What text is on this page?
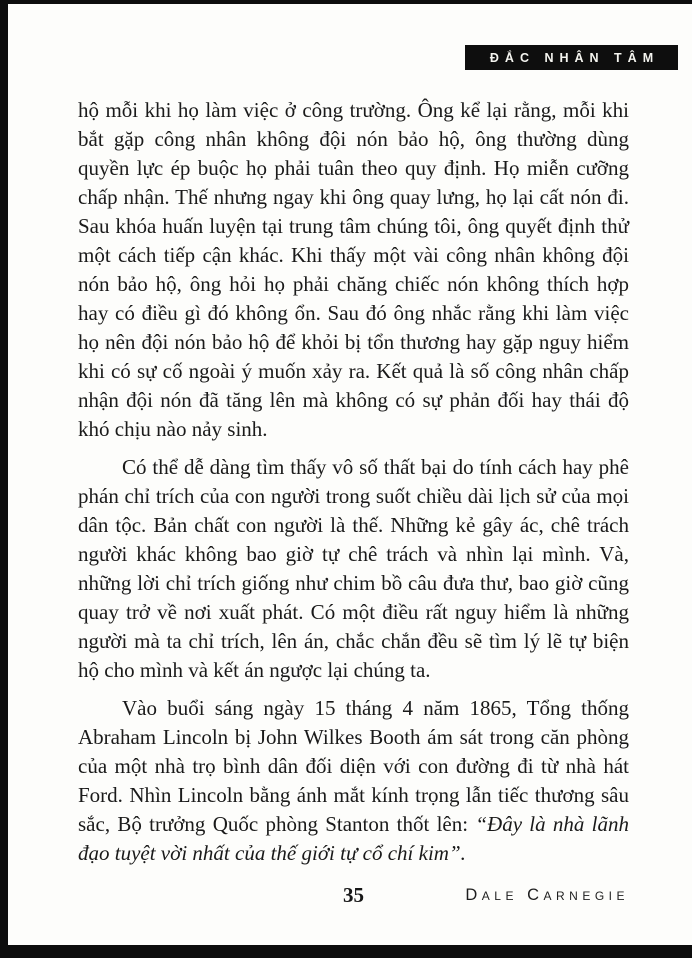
ĐẮC NHÂN TÂM

hộ mỗi khi họ làm việc ở công trường. Ông kể lại rằng, mỗi khi bắt gặp công nhân không đội nón bảo hộ, ông thường dùng quyền lực ép buộc họ phải tuân theo quy định. Họ miễn cưỡng chấp nhận. Thế nhưng ngay khi ông quay lưng, họ lại cất nón đi. Sau khóa huấn luyện tại trung tâm chúng tôi, ông quyết định thử một cách tiếp cận khác. Khi thấy một vài công nhân không đội nón bảo hộ, ông hỏi họ phải chăng chiếc nón không thích hợp hay có điều gì đó không ổn. Sau đó ông nhắc rằng khi làm việc họ nên đội nón bảo hộ để khỏi bị tổn thương hay gặp nguy hiểm khi có sự cố ngoài ý muốn xảy ra. Kết quả là số công nhân chấp nhận đội nón đã tăng lên mà không có sự phản đối hay thái độ khó chịu nào nảy sinh.

Có thể dễ dàng tìm thấy vô số thất bại do tính cách hay phê phán chỉ trích của con người trong suốt chiều dài lịch sử của mọi dân tộc. Bản chất con người là thế. Những kẻ gây ác, chê trách người khác không bao giờ tự chê trách và nhìn lại mình. Và, những lời chỉ trích giống như chim bồ câu đưa thư, bao giờ cũng quay trở về nơi xuất phát. Có một điều rất nguy hiểm là những người mà ta chỉ trích, lên án, chắc chắn đều sẽ tìm lý lẽ tự biện hộ cho mình và kết án ngược lại chúng ta.

Vào buổi sáng ngày 15 tháng 4 năm 1865, Tổng thống Abraham Lincoln bị John Wilkes Booth ám sát trong căn phòng của một nhà trọ bình dân đối diện với con đường đi từ nhà hát Ford. Nhìn Lincoln bằng ánh mắt kính trọng lẫn tiếc thương sâu sắc, Bộ trưởng Quốc phòng Stanton thốt lên: “Đây là nhà lãnh đạo tuyệt vời nhất của thế giới tự cổ chí kim”.

35	Dale Carnegie
